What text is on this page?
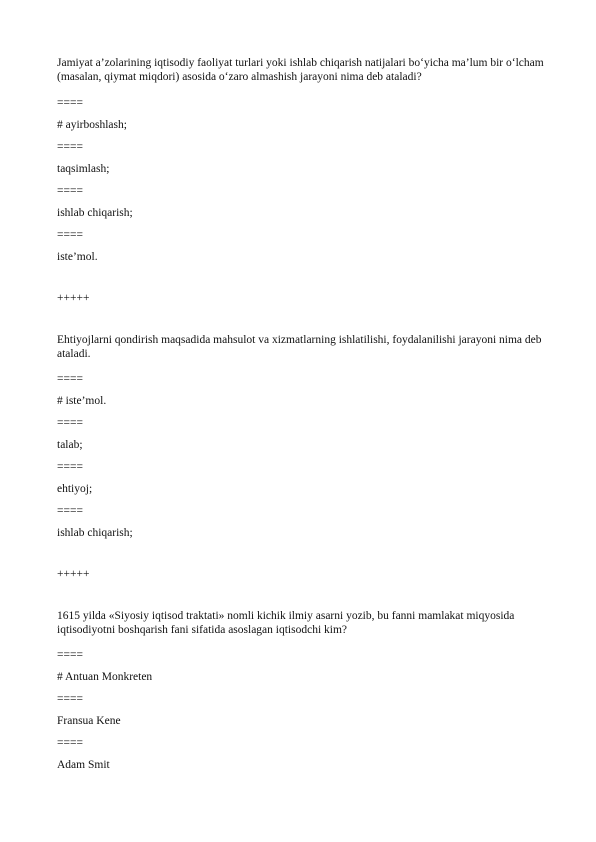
Jamiyat a’zolarining iqtisodiy faoliyat turlari yoki ishlab chiqarish natijalari bo‘yicha ma’lum bir o‘lcham (masalan, qiymat miqdori) asosida o‘zaro almashish jarayoni nima deb ataladi?
====
# ayirboshlash;
====
taqsimlash;
====
ishlab chiqarish;
====
iste’mol.
+++++
Ehtiyojlarni qondirish maqsadida mahsulot va xizmatlarning ishlatilishi, foydalanilishi jarayoni nima deb ataladi.
====
# iste’mol.
====
talab;
====
ehtiyoj;
====
ishlab chiqarish;
+++++
1615 yilda «Siyosiy iqtisod traktati» nomli kichik ilmiy asarni yozib, bu fanni mamlakat miqyosida iqtisodiyotni boshqarish fani sifatida asoslagan iqtisodchi kim?
====
# Antuan Monkreten
====
Fransua Kene
====
Adam Smit
